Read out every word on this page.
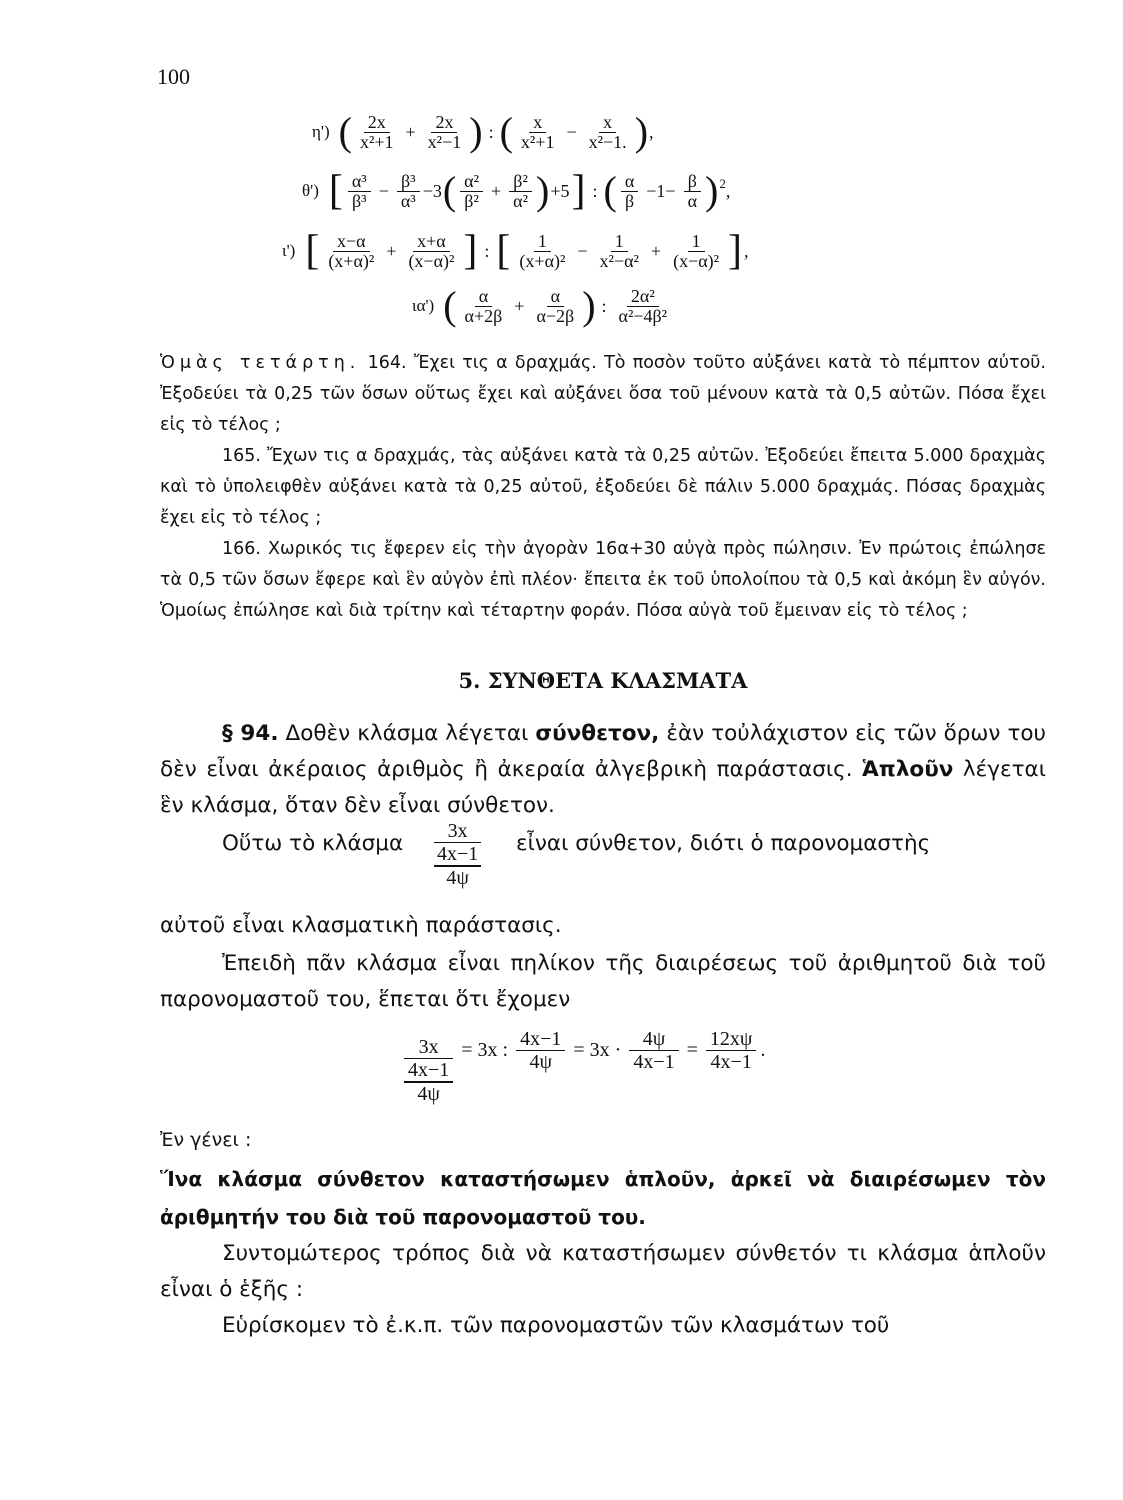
100
η') ( $\frac{2x}{\text{x²+1}} + \frac{2x}{\text{x²−1}}$ ) : ( $\frac{x}{\text{x²+1}} - \frac{x}{\text{x²−1.}}$ ) ,
θ') [ $\frac{\text{α³}}{\text{β³}} - \frac{\text{β³}}{\text{α³}} -3$ ( $\frac{\text{α²}}{\text{β²}} + \frac{\text{β²}}{\text{α²}}$ ) +5 ] : ( $\frac{\alpha}{\beta} -1- \frac{\beta}{\alpha} )^2$ ,
ι') [ $\frac{x-\alpha}{\text{(x+α)²}} + \frac{x+\alpha}{\text{(x−α)²}}$ ] : [ $\frac{1}{\text{(x+α)²}} - \frac{1}{\text{x²−α²}} + \frac{1}{\text{(x−α)²}}$ ] ,
ια') ( $\frac{\alpha}{\alpha+2\beta} + \frac{\alpha}{\alpha-2\beta}$ ) : $\frac{\text{2α²}}{\text{α²−4β²}}$

Ὁμὰς τετάρτη. 164. Ἔχει τις α δραχμάς. Τὸ ποσὸν τοῦτο αὐξάνει κατὰ τὸ πέμπτον αὐτοῦ. Ἐξοδεύει τὰ 0,25 τῶν ὅσων οὕτως ἔχει καὶ αὐξάνει ὅσα τοῦ μένουν κατὰ τὰ 0,5 αὐτῶν. Πόσα ἔχει εἰς τὸ τέλος ;

165. Ἔχων τις α δραχμάς, τὰς αὐξάνει κατὰ τὰ 0,25 αὐτῶν. Ἐξοδεύει ἔπειτα 5.000 δραχμὰς καὶ τὸ ὑπολειφθὲν αὐξάνει κατὰ τὰ 0,25 αὐτοῦ, ἐξοδεύει δὲ πάλιν 5.000 δραχμάς. Πόσας δραχμὰς ἔχει εἰς τὸ τέλος ;

166. Χωρικός τις ἔφερεν εἰς τὴν ἀγορὰν 16α+30 αὐγὰ πρὸς πώλησιν. Ἐν πρώτοις ἐπώλησε τὰ 0,5 τῶν ὅσων ἔφερε καὶ ἓν αὐγὸν ἐπὶ πλέον· ἔπειτα ἐκ τοῦ ὑπολοίπου τὰ 0,5 καὶ ἀκόμη ἓν αὐγόν. Ὁμοίως ἐπώλησε καὶ διὰ τρίτην καὶ τέταρτην φοράν. Πόσα αὐγὰ τοῦ ἔμειναν εἰς τὸ τέλος ;

5. ΣΥΝΘΕΤΑ ΚΛΑΣΜΑΤΑ

§ 94. Δοθὲν κλάσμα λέγεται σύνθετον, ἐὰν τοὐλάχιστον εἰς τῶν ὅρων του δὲν εἶναι ἀκέραιος ἀριθμὸς ἢ ἀκεραία ἀλγεβρικὴ παράστασις. Ἁπλοῦν λέγεται ἓν κλάσμα, ὅταν δὲν εἶναι σύνθετον.

Οὕτω τὸ κλάσμα 3x
4x−1
4ψ
εἶναι σύνθετον, διότι ὁ παρονομαστὴς
αὐτοῦ εἶναι κλασματικὴ παράστασις.

Ἐπειδὴ πᾶν κλάσμα εἶναι πηλίκον τῆς διαιρέσεως τοῦ ἀριθμητοῦ διὰ τοῦ παρονομαστοῦ του, ἕπεται ὅτι ἔχομεν

3x
4x−1
4ψ
= 3x : 4x−1
4ψ
= 3x · 4ψ
4x−1
= 12xψ
4x−1
.

Ἐν γένει :

Ἵνα κλάσμα σύνθετον καταστήσωμεν ἁπλοῦν, ἀρκεῖ νὰ διαιρέσωμεν τὸν ἀριθμητήν του διὰ τοῦ παρονομαστοῦ του.

Συντομώτερος τρόπος διὰ νὰ καταστήσωμεν σύνθετόν τι κλάσμα ἁπλοῦν εἶναι ὁ ἑξῆς :

Εὑρίσκομεν τὸ ἐ.κ.π. τῶν παρονομαστῶν τῶν κλασμάτων τοῦ
